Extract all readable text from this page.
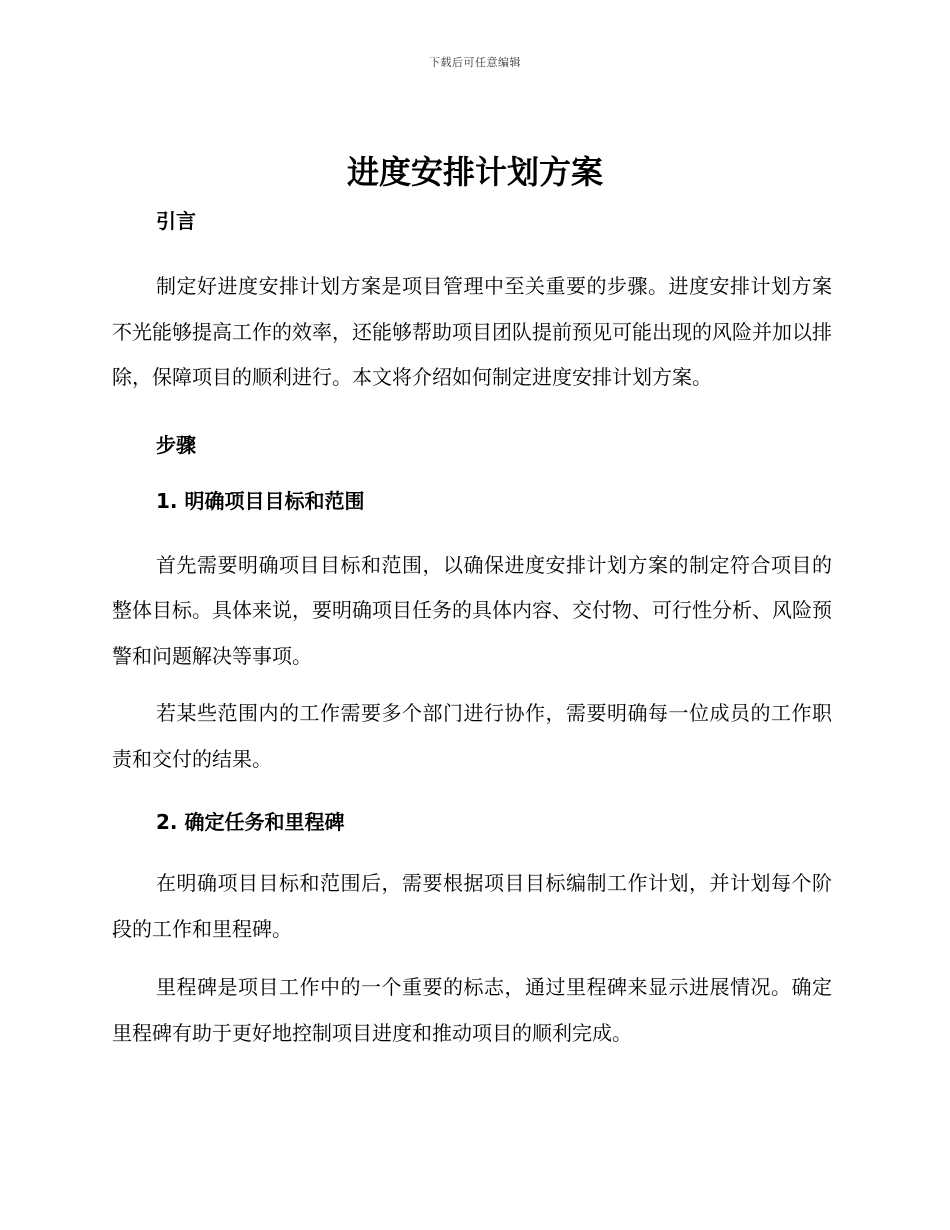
下载后可任意编辑
进度安排计划方案
引言

制定好进度安排计划方案是项目管理中至关重要的步骤。进度安排计划方案不光能够提高工作的效率，还能够帮助项目团队提前预见可能出现的风险并加以排除，保障项目的顺利进行。本文将介绍如何制定进度安排计划方案。

步骤
1. 明确项目目标和范围

首先需要明确项目目标和范围，以确保进度安排计划方案的制定符合项目的整体目标。具体来说，要明确项目任务的具体内容、交付物、可行性分析、风险预警和问题解决等事项。

若某些范围内的工作需要多个部门进行协作，需要明确每一位成员的工作职责和交付的结果。

2. 确定任务和里程碑

在明确项目目标和范围后，需要根据项目目标编制工作计划，并计划每个阶段的工作和里程碑。

里程碑是项目工作中的一个重要的标志，通过里程碑来显示进展情况。确定里程碑有助于更好地控制项目进度和推动项目的顺利完成。
